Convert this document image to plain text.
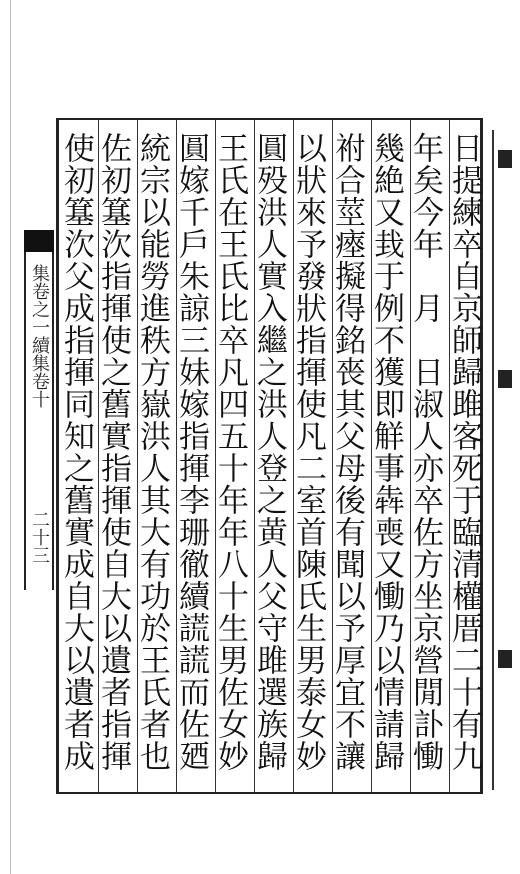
集卷之一續集卷十
二十三	日提練卒自京師歸雎客死于臨清權厝二十有九
年矣今年　月　日淑人亦卒佐方坐京營閒訃慟
幾絶又㘽于例不獲即觧事犇喪又慟乃以情請歸
祔合莖瘞擬得銘䘮其父母後有聞以予厚宜不讓
以狀來予發狀指揮使凡二室首陳氏生男泰女妙
圓殁洪人實入繼之洪人登之黄人父守雎選族歸
王氏在王氏比卒凡四五十年年八十生男佐女妙
圓嫁千戶朱諒三妹嫁指揮李珊徹續謊謊而佐廼
統宗以能勞進秩方嶽洪人其大有功於王氏者也
佐初簊㳄指揮使之舊實指揮使自大以遺者指揮
使初簊㳄父成指揮同知之舊實成自大以遺者成
